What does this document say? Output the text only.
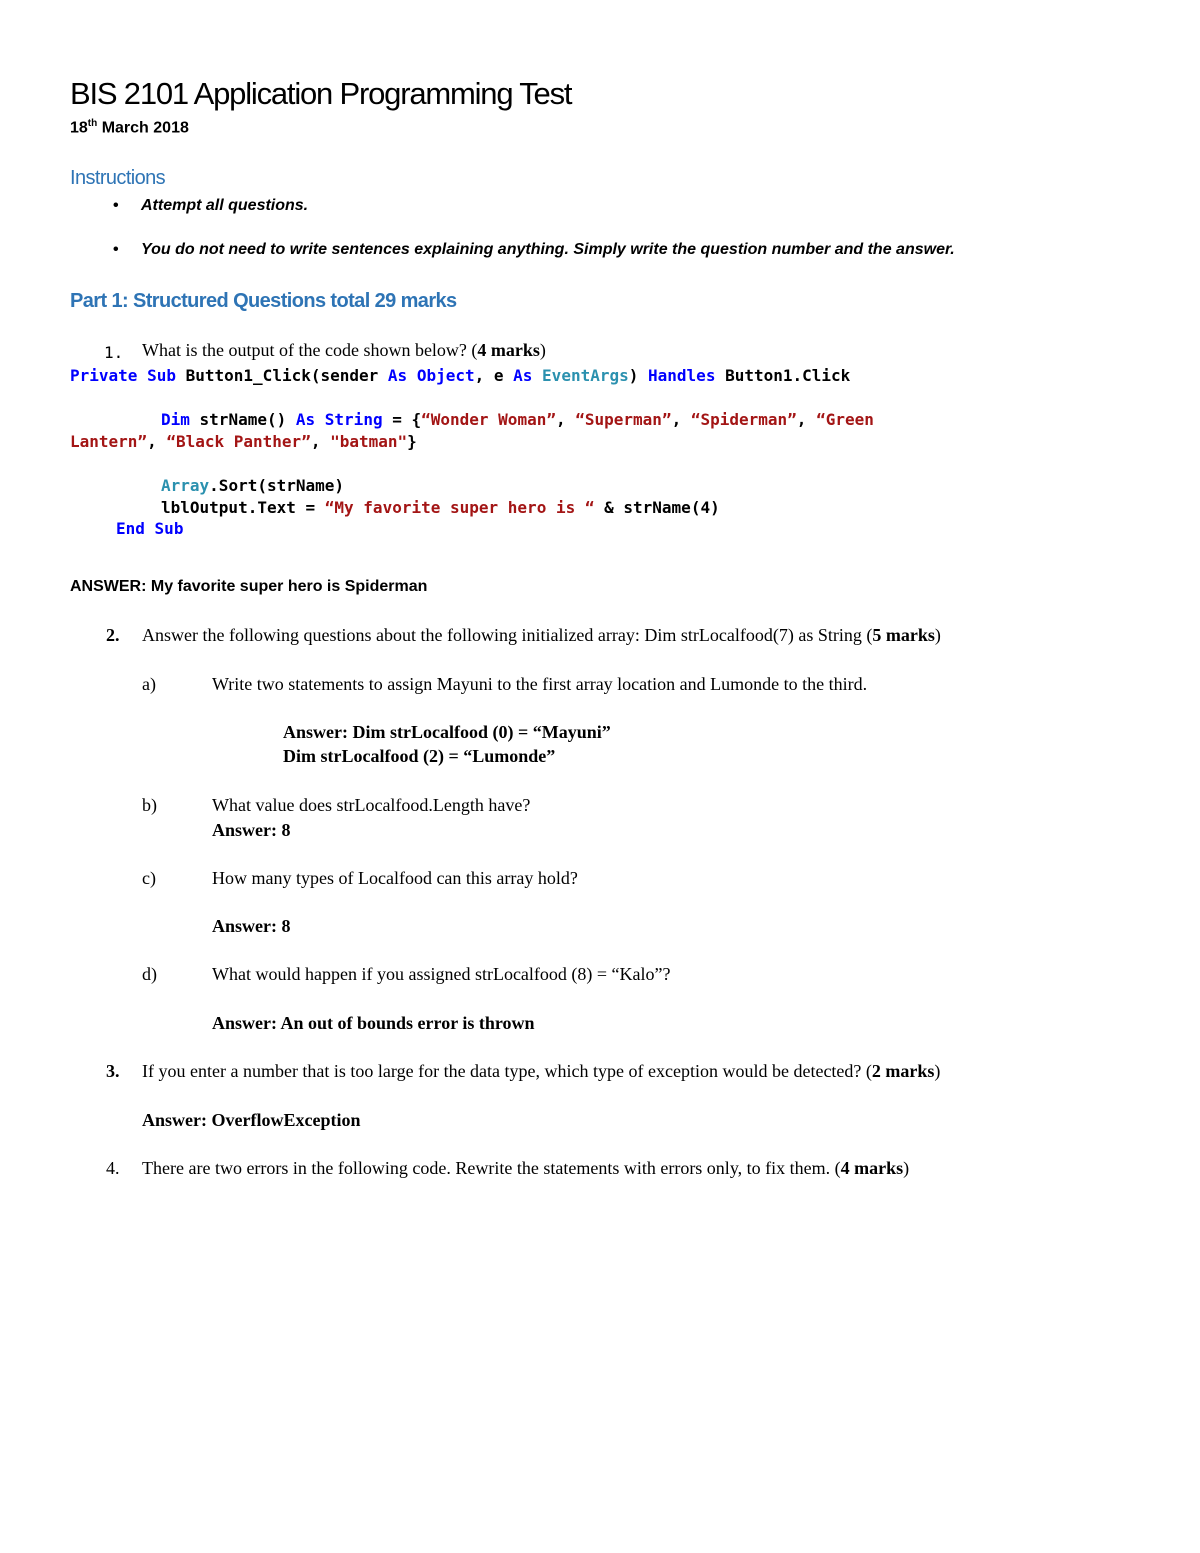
BIS 2101 Application Programming Test
18th March 2018
Instructions
• Attempt all questions.
• You do not need to write sentences explaining anything. Simply write the question number and the answer.
Part 1: Structured Questions total 29 marks
1. What is the output of the code shown below? (4 marks)
Private Sub Button1_Click(sender As Object, e As EventArgs) Handles Button1.Click
Dim strName() As String = {“Wonder Woman”, “Superman”, “Spiderman”, “Green
Lantern”, “Black Panther”, "batman"}
Array.Sort(strName)
lblOutput.Text = “My favorite super hero is “ & strName(4)
End Sub
ANSWER: My favorite super hero is Spiderman
2. Answer the following questions about the following initialized array: Dim strLocalfood(7) as String (5 marks)
a)	Write two statements to assign Mayuni to the first array location and Lumonde to the third.
Answer: Dim strLocalfood (0) = “Mayuni”
Dim strLocalfood (2) = “Lumonde”
b)	What value does strLocalfood.Length have?
Answer: 8
c)	How many types of Localfood can this array hold?
Answer: 8
d)	What would happen if you assigned strLocalfood (8) = “Kalo”?
Answer: An out of bounds error is thrown
3. If you enter a number that is too large for the data type, which type of exception would be detected? (2 marks)
Answer: OverflowException
4. There are two errors in the following code. Rewrite the statements with errors only, to fix them. (4 marks)
